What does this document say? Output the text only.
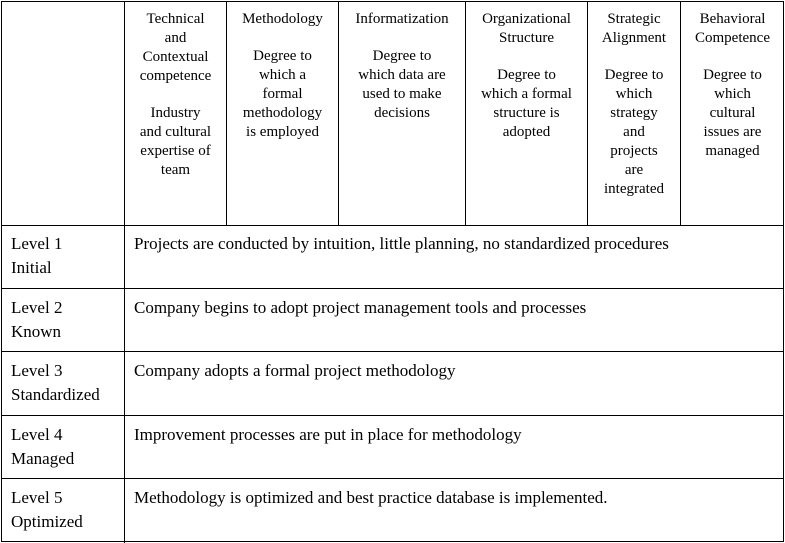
Technical
and
Contextual
competence
Industry
and cultural
expertise of
team
Methodology
Degree to
which a
formal
methodology
is employed
Informatization
Degree to
which data are
used to make
decisions
Organizational
Structure
Degree to
which a formal
structure is
adopted
Strategic
Alignment
Degree to
which
strategy
and
projects
are
integrated
Behavioral
Competence
Degree to
which
cultural
issues are
managed
Level 1
Initial
Projects are conducted by intuition, little planning, no standardized procedures
Level 2
Known
Company begins to adopt project management tools and processes
Level 3
Standardized
Company adopts a formal project methodology
Level 4
Managed
Improvement processes are put in place for methodology
Level 5
Optimized
Methodology is optimized and best practice database is implemented.
